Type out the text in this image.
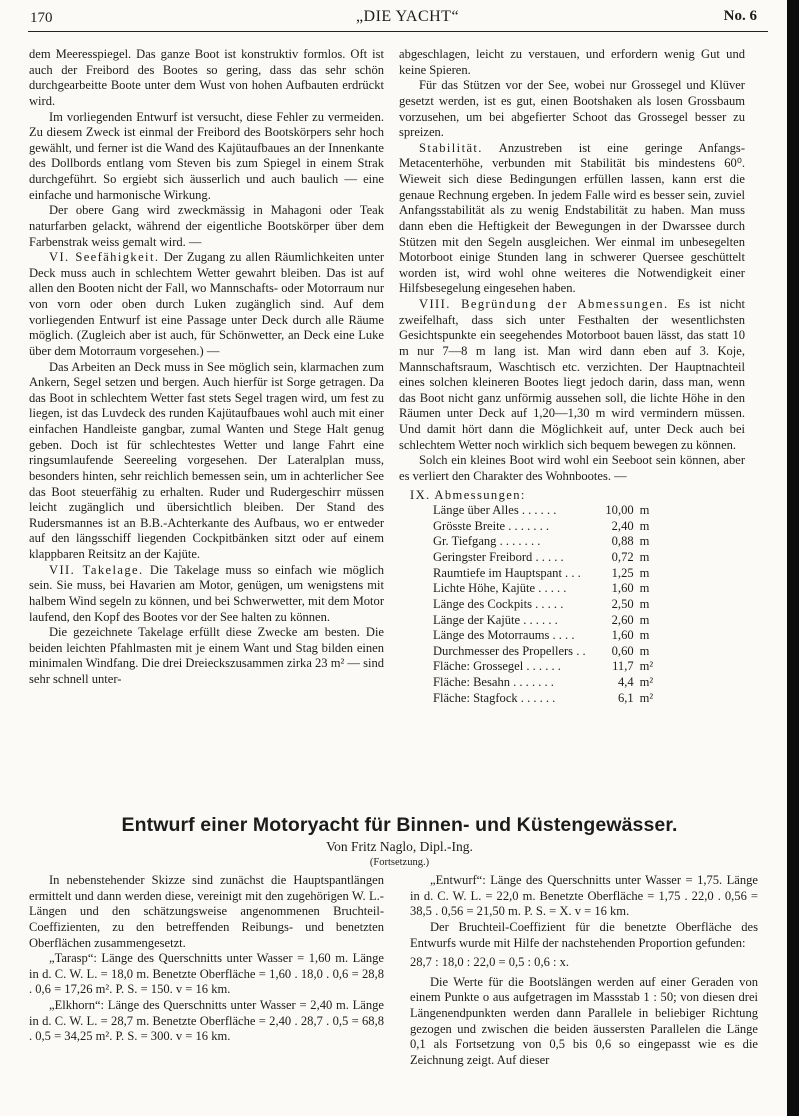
170	„DIE YACHT“	No. 6

dem Meeresspiegel. Das ganze Boot ist konstruktiv formlos. Oft ist auch der Freibord des Bootes so gering, dass das sehr schön durchgearbeitte Boote unter dem Wust von hohen Aufbauten erdrückt wird.

Im vorliegenden Entwurf ist versucht, diese Fehler zu vermeiden. Zu diesem Zweck ist einmal der Freibord des Bootskörpers sehr hoch gewählt, und ferner ist die Wand des Kajütaufbaues an der Innenkante des Dollbords entlang vom Steven bis zum Spiegel in einem Strak durchgeführt. So ergiebt sich äusserlich und auch baulich — eine einfache und harmonische Wirkung.

Der obere Gang wird zweckmässig in Mahagoni oder Teak naturfarben gelackt, während der eigentliche Bootskörper über dem Farbenstrak weiss gemalt wird. —

VI. Seefähigkeit. Der Zugang zu allen Räumlichkeiten unter Deck muss auch in schlechtem Wetter gewahrt bleiben. Das ist auf allen den Booten nicht der Fall, wo Mannschafts- oder Motorraum nur von vorn oder oben durch Luken zugänglich sind. Auf dem vorliegenden Entwurf ist eine Passage unter Deck durch alle Räume möglich. (Zugleich aber ist auch, für Schönwetter, an Deck eine Luke über dem Motorraum vorgesehen.) —

Das Arbeiten an Deck muss in See möglich sein, klarmachen zum Ankern, Segel setzen und bergen. Auch hierfür ist Sorge getragen. Da das Boot in schlechtem Wetter fast stets Segel tragen wird, um fest zu liegen, ist das Luvdeck des runden Kajütaufbaues wohl auch mit einer einfachen Handleiste gangbar, zumal Wanten und Stege Halt genug geben. Doch ist für schlechtestes Wetter und lange Fahrt eine ringsumlaufende Seereeling vorgesehen. Der Lateralplan muss, besonders hinten, sehr reichlich bemessen sein, um in achterlicher See das Boot steuerfähig zu erhalten. Ruder und Rudergeschirr müssen leicht zugänglich und übersichtlich bleiben. Der Stand des Rudersmannes ist an B.B.-Achterkante des Aufbaus, wo er entweder auf den längsschiff liegenden Cockpitbänken sitzt oder auf einem klappbaren Reitsitz an der Kajüte.

VII. Takelage. Die Takelage muss so einfach wie möglich sein. Sie muss, bei Havarien am Motor, genügen, um wenigstens mit halbem Wind segeln zu können, und bei Schwerwetter, mit dem Motor laufend, den Kopf des Bootes vor der See halten zu können.

Die gezeichnete Takelage erfüllt diese Zwecke am besten. Die beiden leichten Pfahlmasten mit je einem Want und Stag bilden einen minimalen Windfang. Die drei Dreieckszusammen zirka 23 m² — sind sehr schnell unter-

abgeschlagen, leicht zu verstauen, und erfordern wenig Gut und keine Spieren.

Für das Stützen vor der See, wobei nur Grossegel und Klüver gesetzt werden, ist es gut, einen Bootshaken als losen Grossbaum vorzusehen, um bei abgefierter Schoot das Grossegel besser zu spreizen.

Stabilität. Anzustreben ist eine geringe Anfangs-Metacenterhöhe, verbunden mit Stabilität bis mindestens 60⁰. Wieweit sich diese Bedingungen erfüllen lassen, kann erst die genaue Rechnung ergeben. In jedem Falle wird es besser sein, zuviel Anfangsstabilität als zu wenig Endstabilität zu haben. Man muss dann eben die Heftigkeit der Bewegungen in der Dwarssee durch Stützen mit den Segeln ausgleichen. Wer einmal im unbesegelten Motorboot einige Stunden lang in schwerer Quersee geschüttelt worden ist, wird wohl ohne weiteres die Notwendigkeit einer Hilfsbesegelung eingesehen haben.

VIII. Begründung der Abmessungen. Es ist nicht zweifelhaft, dass sich unter Festhalten der wesentlichsten Gesichtspunkte ein seegehendes Motorboot bauen lässt, das statt 10 m nur 7—8 m lang ist. Man wird dann eben auf 3. Koje, Mannschaftsraum, Waschtisch etc. verzichten. Der Hauptnachteil eines solchen kleineren Bootes liegt jedoch darin, dass man, wenn das Boot nicht ganz unförmig aussehen soll, die lichte Höhe in den Räumen unter Deck auf 1,20—1,30 m wird vermindern müssen. Und damit hört dann die Möglichkeit auf, unter Deck auch bei schlechtem Wetter noch wirklich sich bequem bewegen zu können.

Solch ein kleines Boot wird wohl ein Seeboot sein können, aber es verliert den Charakter des Wohnbootes. —

IX. Abmessungen:
Länge über Alles . . . . . .	10,00	m
Grösste Breite . . . . . . .	2,40	m
Gr. Tiefgang . . . . . . .	0,88	m
Geringster Freibord . . . . .	0,72	m
Raumtiefe im Hauptspant . . .	1,25	m
Lichte Höhe, Kajüte . . . . .	1,60	m
Länge des Cockpits . . . . .	2,50	m
Länge der Kajüte . . . . . .	2,60	m
Länge des Motorraums . . . .	1,60	m
Durchmesser des Propellers . .	0,60	m
Fläche: Grossegel . . . . . .	11,7	m²
Fläche: Besahn . . . . . . .	4,4	m²
Fläche: Stagfock . . . . . .	6,1	m²
Entwurf einer Motoryacht für Binnen- und Küstengewässer.
Von Fritz Naglo, Dipl.-Ing.
(Fortsetzung.)

In nebenstehender Skizze sind zunächst die Hauptspantlängen ermittelt und dann werden diese, vereinigt mit den zugehörigen W. L.-Längen und den schätzungsweise angenommenen Bruchteil-Coeffizienten, zu den betreffenden Reibungs- und benetzten Oberflächen zusammengesetzt.

„Tarasp“: Länge des Querschnitts unter Wasser = 1,60 m. Länge in d. C. W. L. = 18,0 m. Benetzte Oberfläche = 1,60 . 18,0 . 0,6 = 28,8 . 0,6 = 17,26 m². P. S. = 150. v = 16 km.

„Elkhorn“: Länge des Querschnitts unter Wasser = 2,40 m. Länge in d. C. W. L. = 28,7 m. Benetzte Oberfläche = 2,40 . 28,7 . 0,5 = 68,8 . 0,5 = 34,25 m². P. S. = 300. v = 16 km.

„Entwurf“: Länge des Querschnitts unter Wasser = 1,75. Länge in d. C. W. L. = 22,0 m. Benetzte Oberfläche = 1,75 . 22,0 . 0,56 = 38,5 . 0,56 = 21,50 m. P. S. = X. v = 16 km.

Der Bruchteil-Coeffizient für die benetzte Oberfläche des Entwurfs wurde mit Hilfe der nachstehenden Proportion gefunden:

28,7 : 18,0 : 22,0 = 0,5 : 0,6 : x.

Die Werte für die Bootslängen werden auf einer Geraden von einem Punkte o aus aufgetragen im Massstab 1 : 50; von diesen drei Längenendpunkten werden dann Parallele in beliebiger Richtung gezogen und zwischen die beiden äussersten Parallelen die Länge 0,1 als Fortsetzung von 0,5 bis 0,6 so eingepasst wie es die Zeichnung zeigt. Auf dieser
